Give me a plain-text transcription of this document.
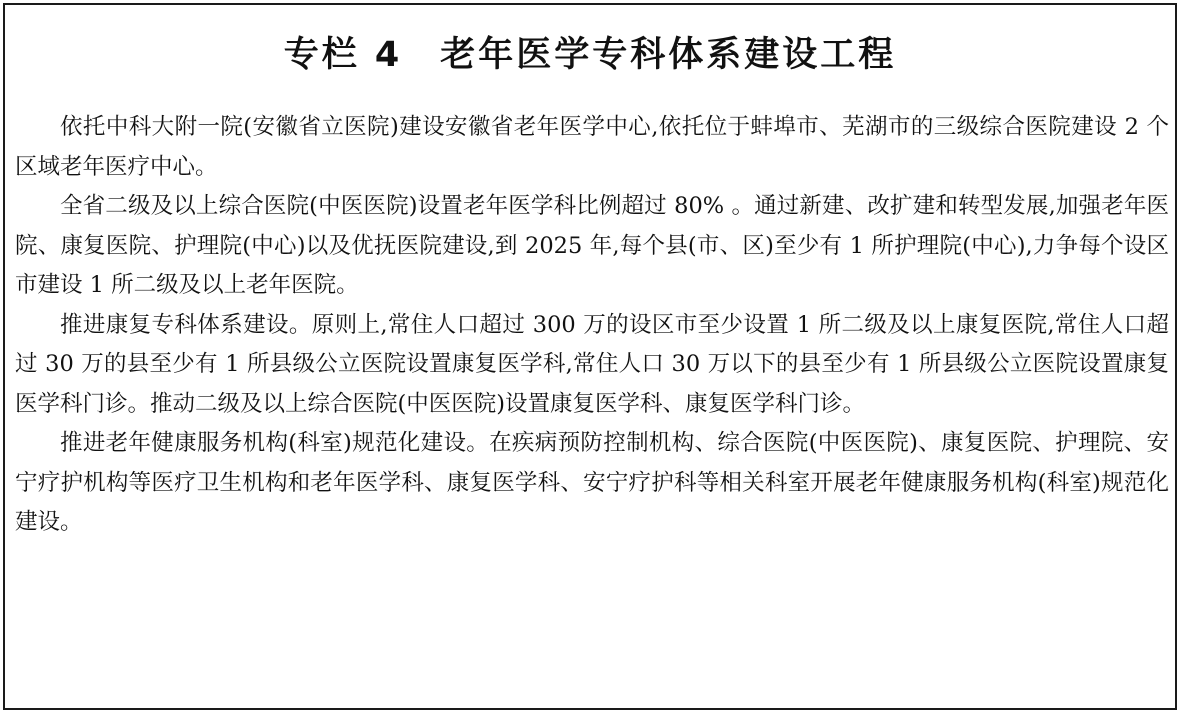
专栏 4　老年医学专科体系建设工程

依托中科大附一院(安徽省立医院)建设安徽省老年医学中心,依托位于蚌埠市、芜湖市的三级综合医院建设 2 个区域老年医疗中心。

全省二级及以上综合医院(中医医院)设置老年医学科比例超过 80% 。通过新建、改扩建和转型发展,加强老年医院、康复医院、护理院(中心)以及优抚医院建设,到 2025 年,每个县(市、区)至少有 1 所护理院(中心),力争每个设区市建设 1 所二级及以上老年医院。

推进康复专科体系建设。原则上,常住人口超过 300 万的设区市至少设置 1 所二级及以上康复医院,常住人口超过 30 万的县至少有 1 所县级公立医院设置康复医学科,常住人口 30 万以下的县至少有 1 所县级公立医院设置康复医学科门诊。推动二级及以上综合医院(中医医院)设置康复医学科、康复医学科门诊。

推进老年健康服务机构(科室)规范化建设。在疾病预防控制机构、综合医院(中医医院)、康复医院、护理院、安宁疗护机构等医疗卫生机构和老年医学科、康复医学科、安宁疗护科等相关科室开展老年健康服务机构(科室)规范化建设。
